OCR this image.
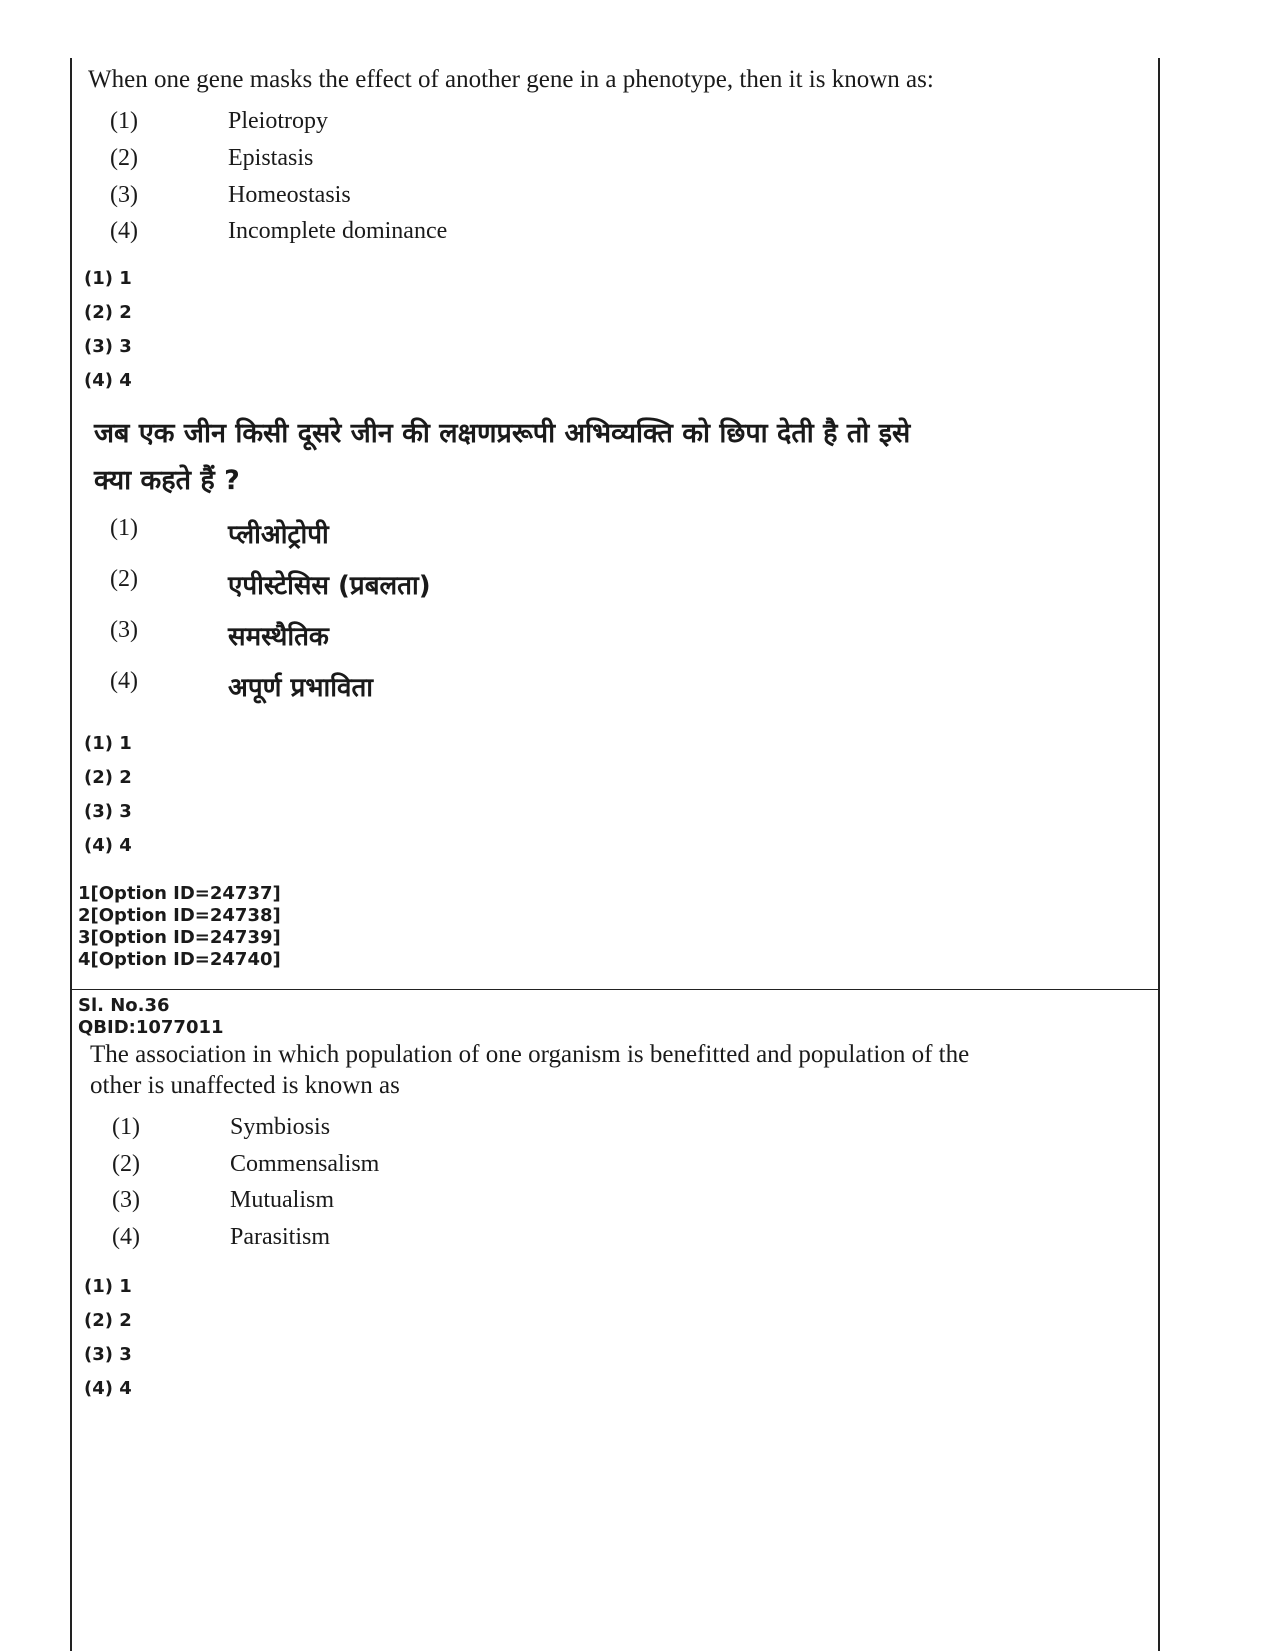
When one gene masks the effect of another gene in a phenotype, then it is known as:
(1)	Pleiotropy
(2)	Epistasis
(3)	Homeostasis
(4)	Incomplete dominance
(1) 1
(2) 2
(3) 3
(4) 4
जब एक जीन किसी दूसरे जीन की लक्षणप्ररूपी अभिव्यक्ति को छिपा देती है तो इसे
क्या कहते हैं ?
(1)	प्लीओट्रोपी
(2)	एपीस्टेसिस (प्रबलता)
(3)	समस्थैतिक
(4)	अपूर्ण प्रभाविता
(1) 1
(2) 2
(3) 3
(4) 4
1[Option ID=24737]
2[Option ID=24738]
3[Option ID=24739]
4[Option ID=24740]
Sl. No.36
QBID:1077011
The association in which population of one organism is benefitted and population of the
other is unaffected is known as
(1)	Symbiosis
(2)	Commensalism
(3)	Mutualism
(4)	Parasitism
(1) 1
(2) 2
(3) 3
(4) 4
